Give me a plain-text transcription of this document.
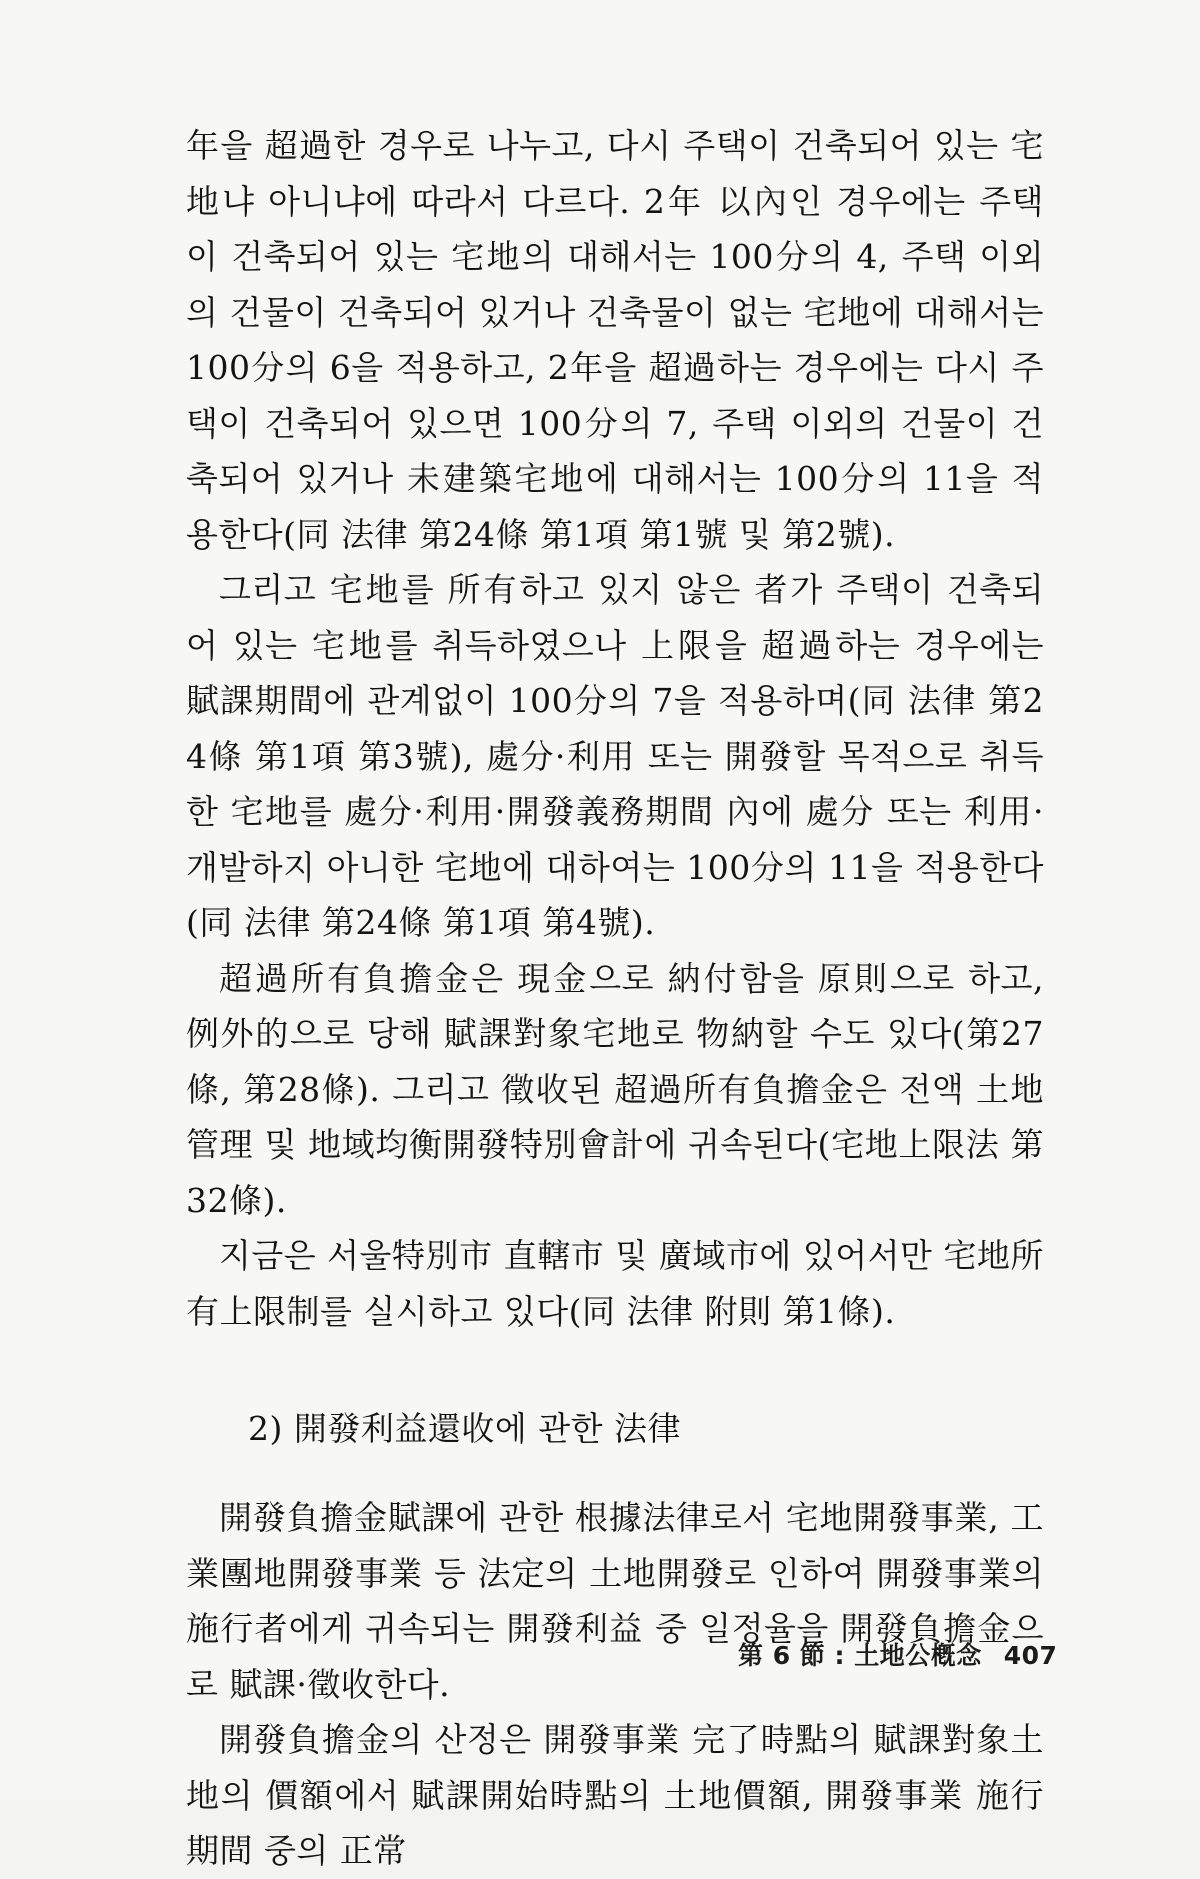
年을 超過한 경우로 나누고, 다시 주택이 건축되어 있는 宅地냐 아니냐에 따라서 다르다. 2年 以內인 경우에는 주택이 건축되어 있는 宅地의 대해서는 100分의 4, 주택 이외의 건물이 건축되어 있거나 건축물이 없는 宅地에 대해서는 100分의 6을 적용하고, 2年을 超過하는 경우에는 다시 주택이 건축되어 있으면 100分의 7, 주택 이외의 건물이 건축되어 있거나 未建築宅地에 대해서는 100分의 11을 적용한다(同 法律 第24條 第1項 第1號 및 第2號).

그리고 宅地를 所有하고 있지 않은 者가 주택이 건축되어 있는 宅地를 취득하였으나 上限을 超過하는 경우에는 賦課期間에 관계없이 100分의 7을 적용하며(同 法律 第24條 第1項 第3號), 處分·利用 또는 開發할 목적으로 취득한 宅地를 處分·利用·開發義務期間 內에 處分 또는 利用·개발하지 아니한 宅地에 대하여는 100分의 11을 적용한다(同 法律 第24條 第1項 第4號).

超過所有負擔金은 現金으로 納付함을 原則으로 하고, 例外的으로 당해 賦課對象宅地로 物納할 수도 있다(第27條, 第28條). 그리고 徵收된 超過所有負擔金은 전액 土地管理 및 地域均衡開發特別會計에 귀속된다(宅地上限法 第32條).

지금은 서울特別市 直轄市 및 廣域市에 있어서만 宅地所有上限制를 실시하고 있다(同 法律 附則 第1條).

2) 開發利益還收에 관한 法律

開發負擔金賦課에 관한 根據法律로서 宅地開發事業, 工業團地開發事業 등 法定의 土地開發로 인하여 開發事業의 施行者에게 귀속되는 開發利益 중 일정율을 開發負擔金으로 賦課·徵收한다.

開發負擔金의 산정은 開發事業 完了時點의 賦課對象土地의 價額에서 賦課開始時點의 土地價額, 開發事業 施行期間 중의 正常

第 6 節 : 土地公槪念 407
